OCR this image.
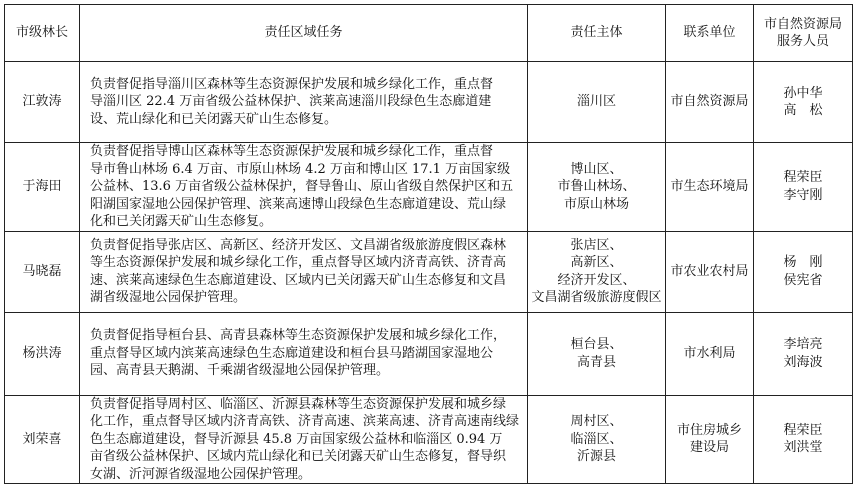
市级林长	责任区域任务	责任主体	联系单位	市自然资源局
服务人员

江敦涛	负责督促指导淄川区森林等生态资源保护发展和城乡绿化工作，重点督
导淄川区 22.4 万亩省级公益林保护、滨莱高速淄川段绿色生态廊道建
设、荒山绿化和已关闭露天矿山生态修复。	淄川区	市自然资源局	孙中华
高　松

于海田	负责督促指导博山区森林等生态资源保护发展和城乡绿化工作，重点督
导市鲁山林场 6.4 万亩、市原山林场 4.2 万亩和博山区 17.1 万亩国家级
公益林、13.6 万亩省级公益林保护，督导鲁山、原山省级自然保护区和五
阳湖国家湿地公园保护管理、滨莱高速博山段绿色生态廊道建设、荒山绿
化和已关闭露天矿山生态修复。	博山区、
市鲁山林场、
市原山林场	市生态环境局	程荣臣
李守刚

马晓磊	负责督促指导张店区、高新区、经济开发区、文昌湖省级旅游度假区森林
等生态资源保护发展和城乡绿化工作，重点督导区域内济青高铁、济青高
速、滨莱高速绿色生态廊道建设、区域内已关闭露天矿山生态修复和文昌
湖省级湿地公园保护管理。	张店区、
高新区、
经济开发区、
文昌湖省级旅游度假区	市农业农村局	杨　刚
侯宪省

杨洪涛	负责督促指导桓台县、高青县森林等生态资源保护发展和城乡绿化工作，
重点督导区域内滨莱高速绿色生态廊道建设和桓台县马踏湖国家湿地公
园、高青县天鹅湖、千乘湖省级湿地公园保护管理。	桓台县、
高青县	市水利局	李培亮
刘海波

刘荣喜	负责督促指导周村区、临淄区、沂源县森林等生态资源保护发展和城乡绿
化工作，重点督导区域内济青高铁、济青高速、滨莱高速、济青高速南线绿
色生态廊道建设，督导沂源县 45.8 万亩国家级公益林和临淄区 0.94 万
亩省级公益林保护、区域内荒山绿化和已关闭露天矿山生态修复，督导织
女湖、沂河源省级湿地公园保护管理。	周村区、
临淄区、
沂源县	市住房城乡
建设局	程荣臣
刘洪堂
